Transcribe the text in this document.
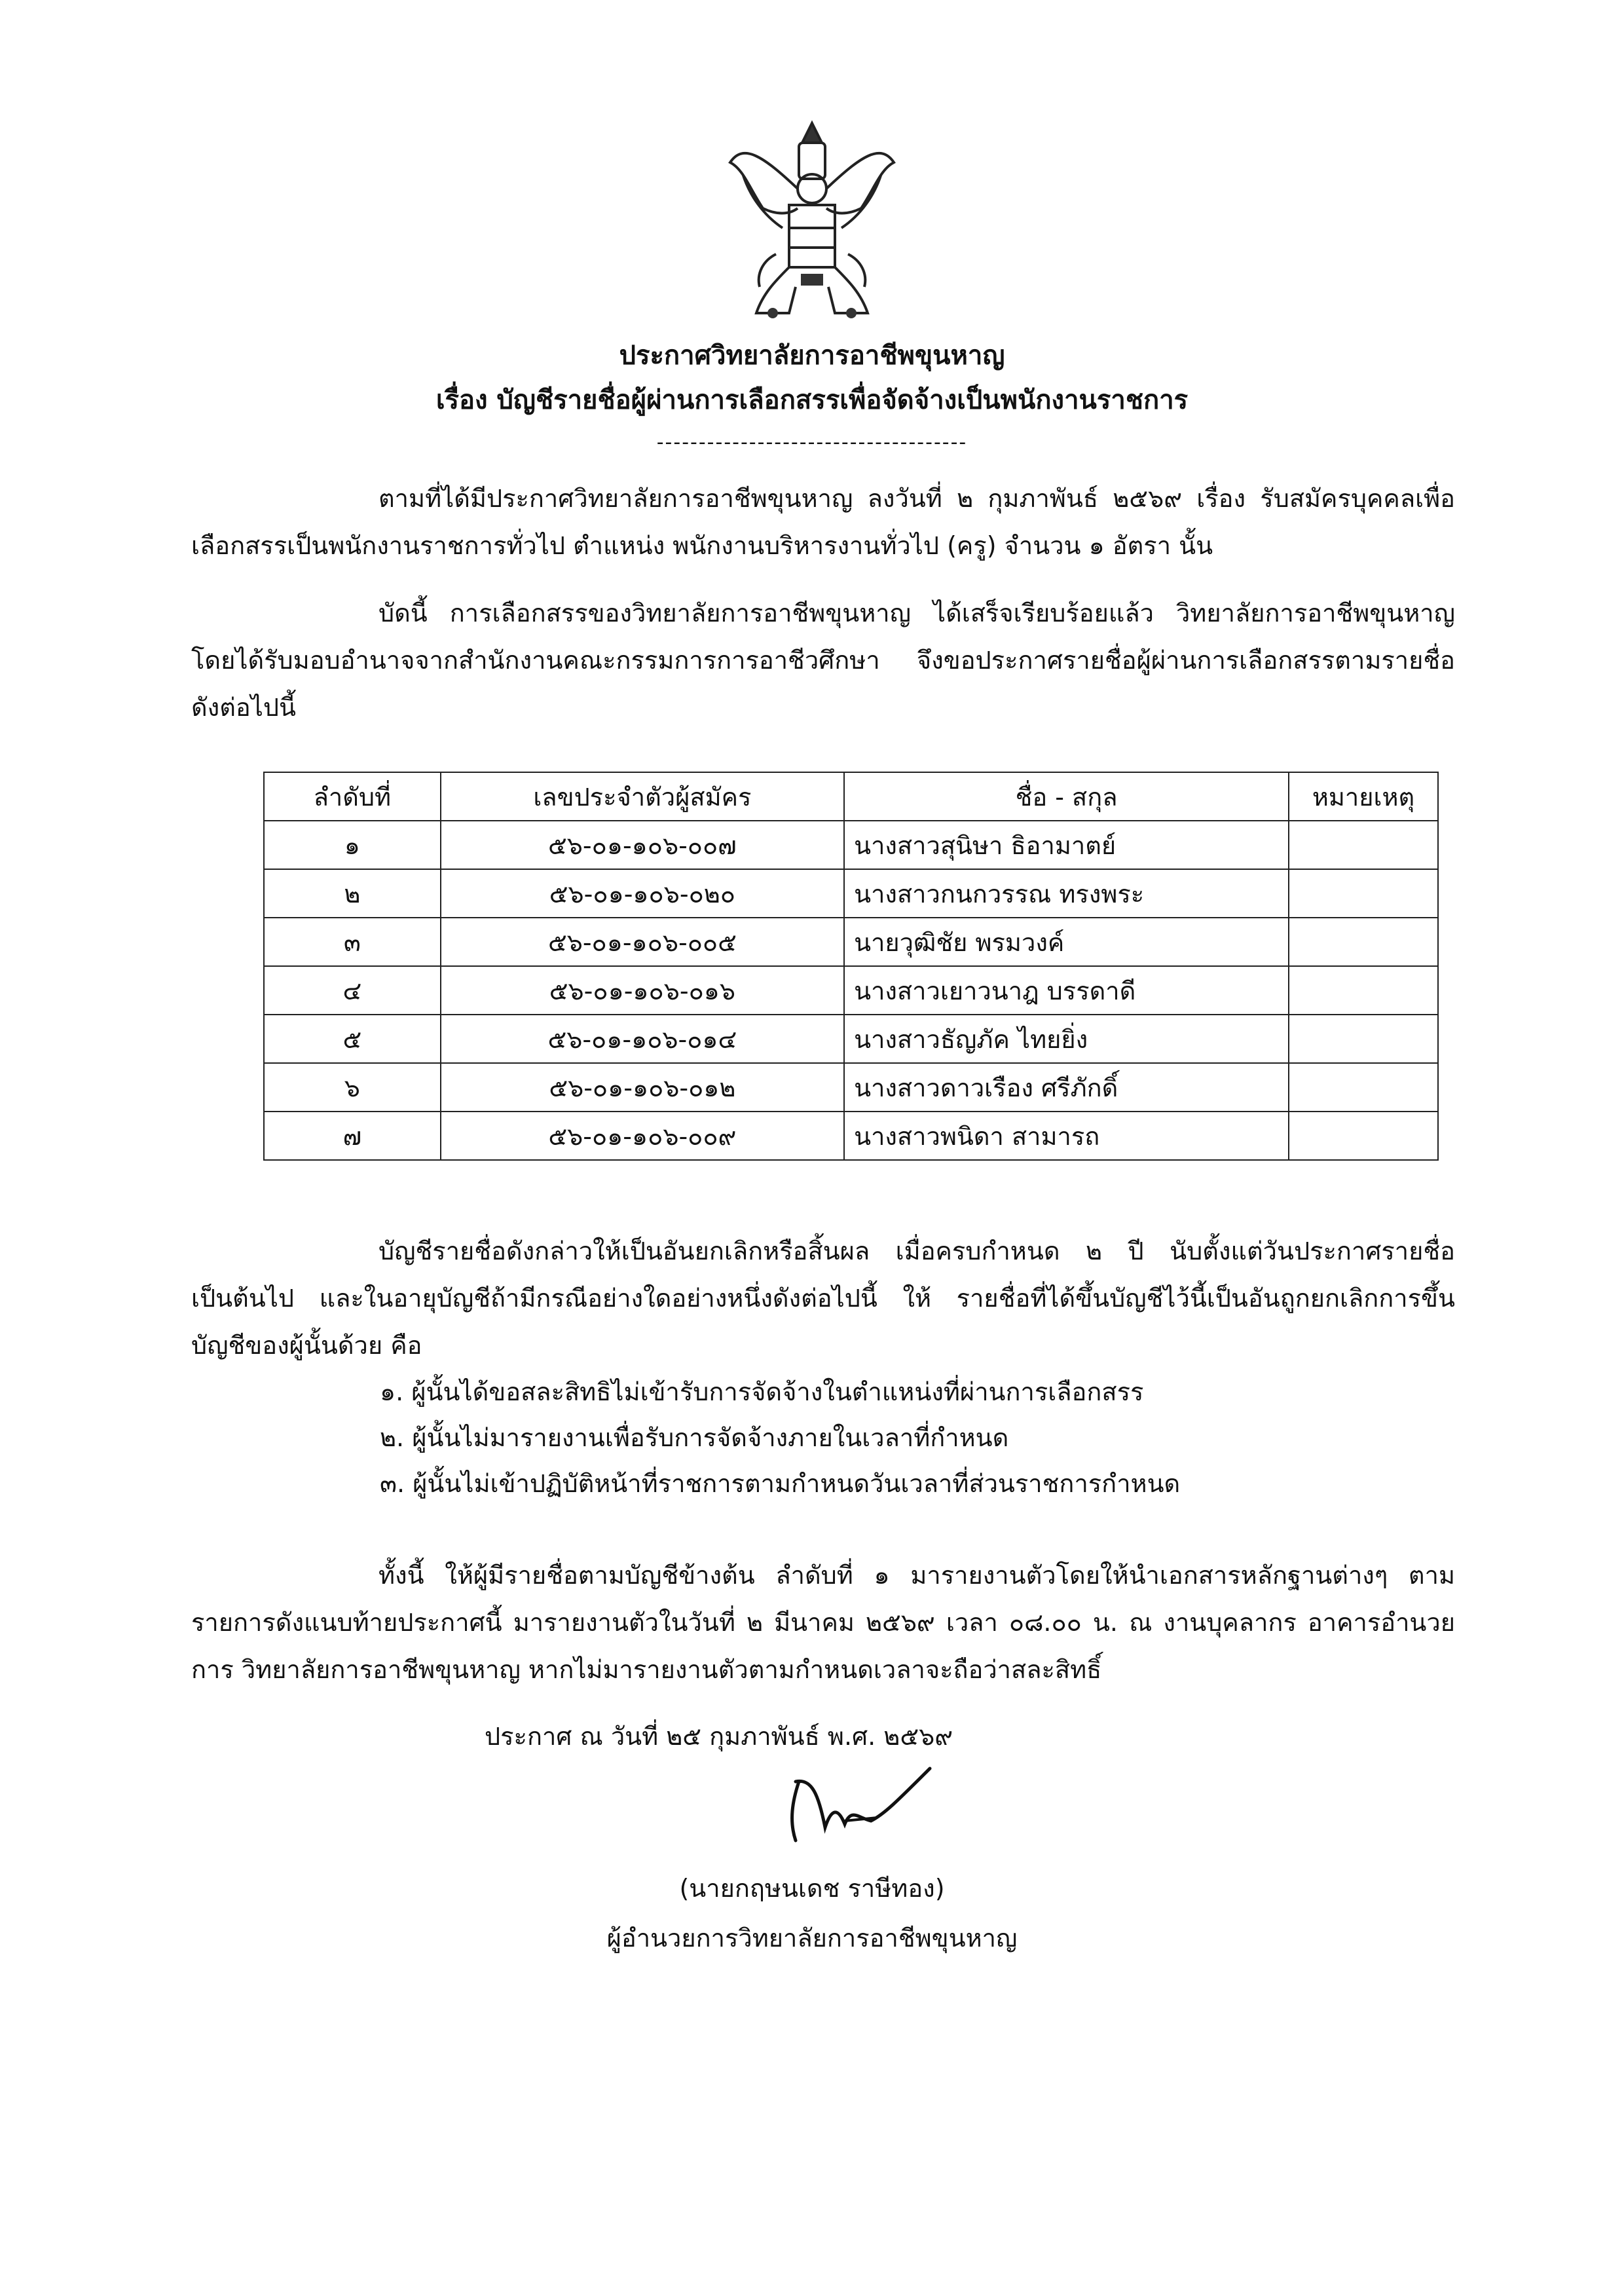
ประกาศวิทยาลัยการอาชีพขุนหาญ
เรื่อง บัญชีรายชื่อผู้ผ่านการเลือกสรรเพื่อจัดจ้างเป็นพนักงานราชการ
-------------------------------------

ตามที่ได้มีประกาศวิทยาลัยการอาชีพขุนหาญ ลงวันที่ ๒ กุมภาพันธ์ ๒๕๖๙ เรื่อง รับสมัครบุคคลเพื่อเลือกสรรเป็นพนักงานราชการทั่วไป ตำแหน่ง พนักงานบริหารงานทั่วไป (ครู) จำนวน ๑ อัตรา นั้น

บัดนี้ การเลือกสรรของวิทยาลัยการอาชีพขุนหาญ ได้เสร็จเรียบร้อยแล้ว วิทยาลัยการอาชีพขุนหาญ โดยได้รับมอบอำนาจจากสำนักงานคณะกรรมการการอาชีวศึกษา จึงขอประกาศรายชื่อผู้ผ่านการเลือกสรรตามรายชื่อ ดังต่อไปนี้

ลำดับที่	เลขประจำตัวผู้สมัคร	ชื่อ - สกุล	หมายเหตุ
๑	๕๖-๐๑-๑๐๖-๐๐๗	นางสาวสุนิษา ธิอามาตย์	
๒	๕๖-๐๑-๑๐๖-๐๒๐	นางสาวกนกวรรณ ทรงพระ	
๓	๕๖-๐๑-๑๐๖-๐๐๕	นายวุฒิชัย พรมวงค์	
๔	๕๖-๐๑-๑๐๖-๐๑๖	นางสาวเยาวนาฎ บรรดาดี	
๕	๕๖-๐๑-๑๐๖-๐๑๔	นางสาวธัญภัค ไทยยิ่ง	
๖	๕๖-๐๑-๑๐๖-๐๑๒	นางสาวดาวเรือง ศรีภักดิ์	
๗	๕๖-๐๑-๑๐๖-๐๐๙	นางสาวพนิดา สามารถ	

บัญชีรายชื่อดังกล่าวให้เป็นอันยกเลิกหรือสิ้นผล เมื่อครบกำหนด ๒ ปี นับตั้งแต่วันประกาศรายชื่อเป็นต้นไป และในอายุบัญชีถ้ามีกรณีอย่างใดอย่างหนึ่งดังต่อไปนี้ ให้ รายชื่อที่ได้ขึ้นบัญชีไว้นี้เป็นอันถูกยกเลิกการขึ้นบัญชีของผู้นั้นด้วย คือ

๑. ผู้นั้นได้ขอสละสิทธิไม่เข้ารับการจัดจ้างในตำแหน่งที่ผ่านการเลือกสรร
๒. ผู้นั้นไม่มารายงานเพื่อรับการจัดจ้างภายในเวลาที่กำหนด
๓. ผู้นั้นไม่เข้าปฏิบัติหน้าที่ราชการตามกำหนดวันเวลาที่ส่วนราชการกำหนด

ทั้งนี้ ให้ผู้มีรายชื่อตามบัญชีข้างต้น ลำดับที่ ๑ มารายงานตัวโดยให้นำเอกสารหลักฐานต่างๆ ตามรายการดังแนบท้ายประกาศนี้ มารายงานตัวในวันที่ ๒ มีนาคม ๒๕๖๙ เวลา ๐๘.๐๐ น. ณ งานบุคลากร อาคารอำนวยการ วิทยาลัยการอาชีพขุนหาญ หากไม่มารายงานตัวตามกำหนดเวลาจะถือว่าสละสิทธิ์

ประกาศ ณ วันที่ ๒๕ กุมภาพันธ์ พ.ศ. ๒๕๖๙
(นายกฤษนเดช ราษีทอง)
ผู้อำนวยการวิทยาลัยการอาชีพขุนหาญ
